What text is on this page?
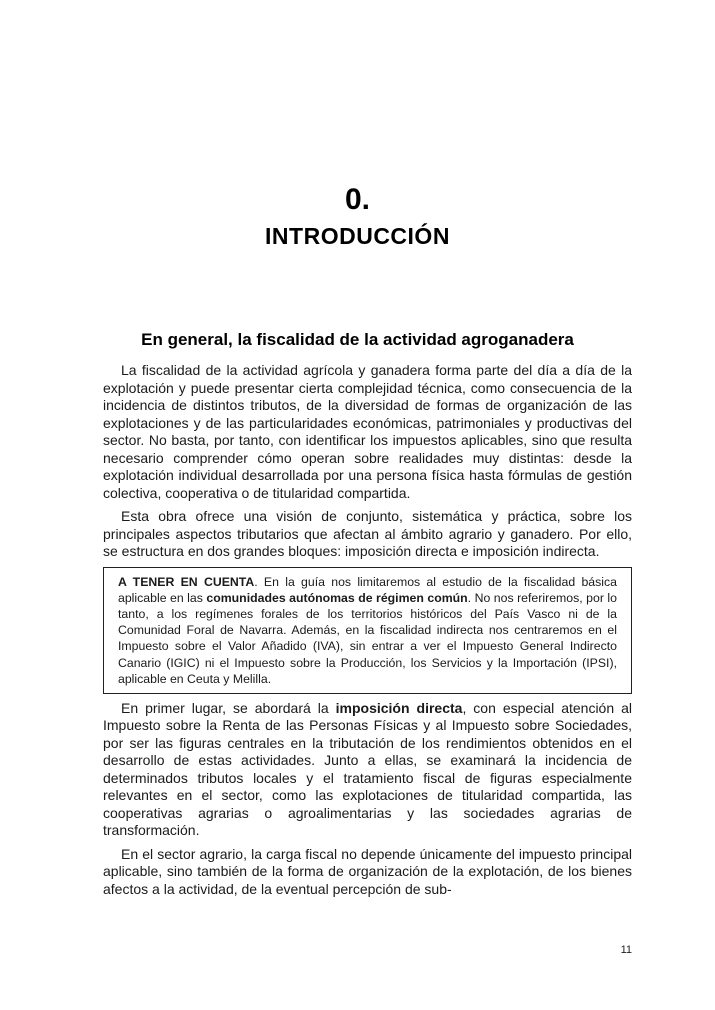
0.
INTRODUCCIÓN
En general, la fiscalidad de la actividad agroganadera

La fiscalidad de la actividad agrícola y ganadera forma parte del día a día de la explotación y puede presentar cierta complejidad técnica, como consecuencia de la incidencia de distintos tributos, de la diversidad de formas de organización de las explotaciones y de las particularidades económicas, patrimoniales y productivas del sector. No basta, por tanto, con identificar los impuestos aplicables, sino que resulta necesario comprender cómo operan sobre realidades muy distintas: desde la explotación individual desarrollada por una persona física hasta fórmulas de gestión colectiva, cooperativa o de titularidad compartida.

Esta obra ofrece una visión de conjunto, sistemática y práctica, sobre los principales aspectos tributarios que afectan al ámbito agrario y ganadero. Por ello, se estructura en dos grandes bloques: imposición directa e imposición indirecta.

A TENER EN CUENTA. En la guía nos limitaremos al estudio de la fiscalidad básica aplicable en las comunidades autónomas de régimen común. No nos referiremos, por lo tanto, a los regímenes forales de los territorios históricos del País Vasco ni de la Comunidad Foral de Navarra. Además, en la fiscalidad indirecta nos centraremos en el Impuesto sobre el Valor Añadido (IVA), sin entrar a ver el Impuesto General Indirecto Canario (IGIC) ni el Impuesto sobre la Producción, los Servicios y la Importación (IPSI), aplicable en Ceuta y Melilla.

En primer lugar, se abordará la imposición directa, con especial atención al Impuesto sobre la Renta de las Personas Físicas y al Impuesto sobre Sociedades, por ser las figuras centrales en la tributación de los rendimientos obtenidos en el desarrollo de estas actividades. Junto a ellas, se examinará la incidencia de determinados tributos locales y el tratamiento fiscal de figuras especialmente relevantes en el sector, como las explotaciones de titularidad compartida, las cooperativas agrarias o agroalimentarias y las sociedades agrarias de transformación.

En el sector agrario, la carga fiscal no depende únicamente del impuesto principal aplicable, sino también de la forma de organización de la explotación, de los bienes afectos a la actividad, de la eventual percepción de sub-

11
